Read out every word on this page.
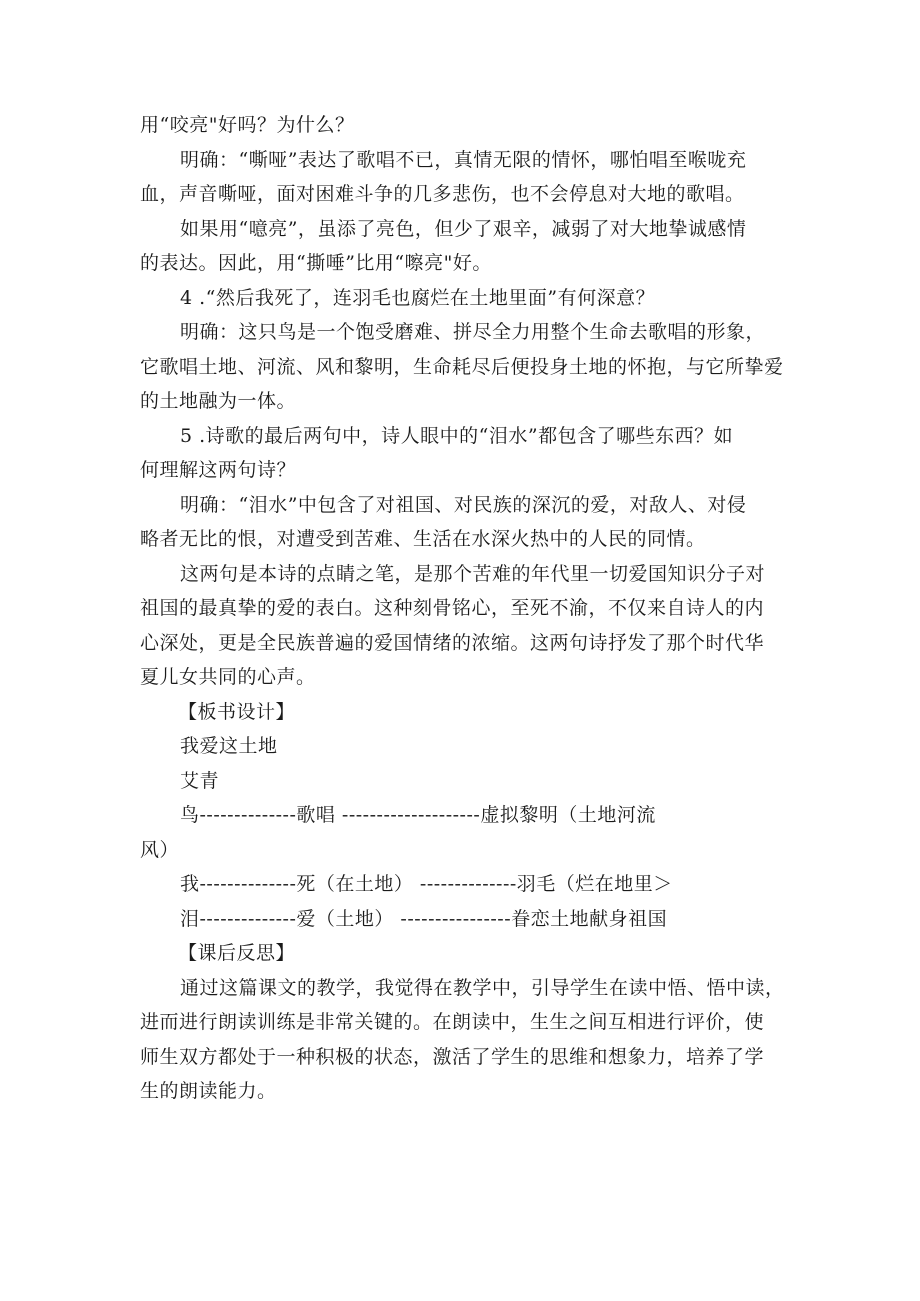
用“咬亮"好吗？为什么？

明确：“嘶哑”表达了歌唱不已，真情无限的情怀，哪怕唱至喉咙充

血，声音嘶哑，面对困难斗争的几多悲伤，也不会停息对大地的歌唱。

如果用“噫亮”，虽添了亮色，但少了艰辛，减弱了对大地挚诚感情

的表达。因此，用“撕唾”比用“嚓亮"好。

4 .“然后我死了，连羽毛也腐烂在土地里面”有何深意？

明确：这只鸟是一个饱受磨难、拼尽全力用整个生命去歌唱的形象，

它歌唱土地、河流、风和黎明，生命耗尽后便投身土地的怀抱，与它所挚爱

的土地融为一体。

5 .诗歌的最后两句中，诗人眼中的“泪水”都包含了哪些东西？如

何理解这两句诗？

明确：“泪水”中包含了对祖国、对民族的深沉的爱，对敌人、对侵

略者无比的恨，对遭受到苦难、生活在水深火热中的人民的同情。

这两句是本诗的点睛之笔，是那个苦难的年代里一切爱国知识分子对

祖国的最真挚的爱的表白。这种刻骨铭心，至死不渝，不仅来自诗人的内

心深处，更是全民族普遍的爱国情绪的浓缩。这两句诗抒发了那个时代华

夏儿女共同的心声。

【板书设计】

我爱这土地

艾青

鸟--------------歌唱 --------------------虚拟黎明（土地河流

风）

我--------------死（在土地） --------------羽毛（烂在地里＞

泪--------------爱（土地） ----------------眷恋土地献身祖国

【课后反思】

通过这篇课文的教学，我觉得在教学中，引导学生在读中悟、悟中读，

进而进行朗读训练是非常关键的。在朗读中，生生之间互相进行评价，使

师生双方都处于一种积极的状态，激活了学生的思维和想象力，培养了学

生的朗读能力。
